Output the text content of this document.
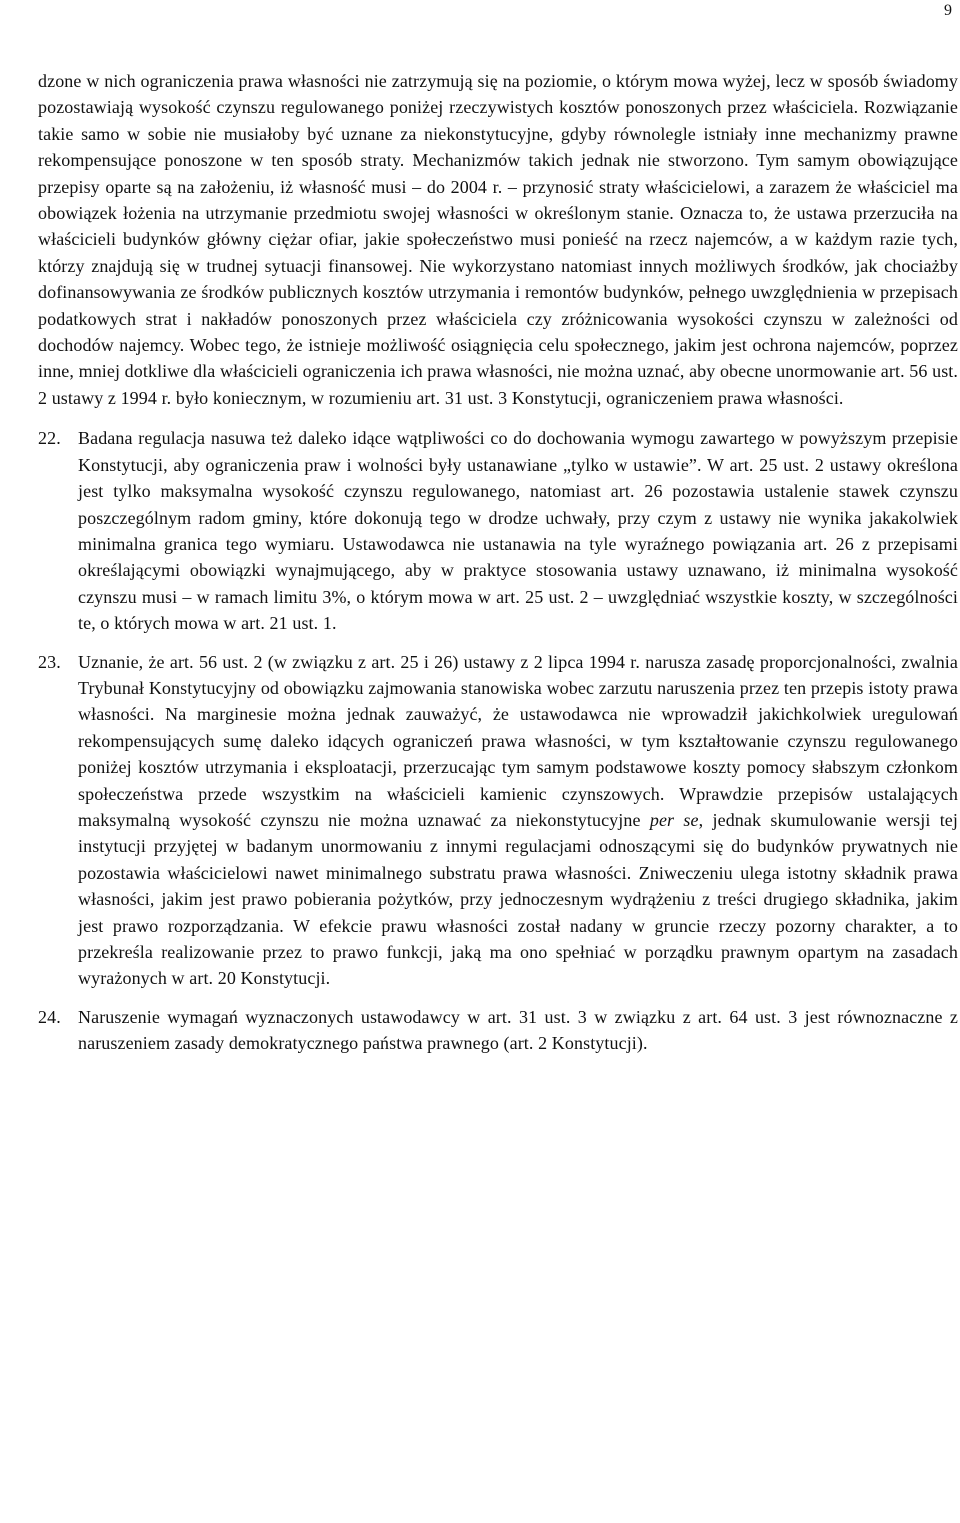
9

dzone w nich ograniczenia prawa własności nie zatrzymują się na poziomie, o którym mowa wyżej, lecz w sposób świadomy pozostawiają wysokość czynszu regulowanego poniżej rzeczywistych kosztów ponoszonych przez właściciela. Rozwiązanie takie samo w sobie nie musiałoby być uznane za niekonstytucyjne, gdyby równolegle istniały inne mechanizmy prawne rekompensujące ponoszone w ten sposób straty. Mechanizmów takich jednak nie stworzono. Tym samym obowiązujące przepisy oparte są na założeniu, iż własność musi – do 2004 r. – przynosić straty właścicielowi, a zarazem że właściciel ma obowiązek łożenia na utrzymanie przedmiotu swojej własności w określonym stanie. Oznacza to, że ustawa przerzuciła na właścicieli budynków główny ciężar ofiar, jakie społeczeństwo musi ponieść na rzecz najemców, a w każdym razie tych, którzy znajdują się w trudnej sytuacji finansowej. Nie wykorzystano natomiast innych możliwych środków, jak chociażby dofinansowywania ze środków publicznych kosztów utrzymania i remontów budynków, pełnego uwzględnienia w przepisach podatkowych strat i nakładów ponoszonych przez właściciela czy zróżnicowania wysokości czynszu w zależności od dochodów najemcy. Wobec tego, że istnieje możliwość osiągnięcia celu społecznego, jakim jest ochrona najemców, poprzez inne, mniej dotkliwe dla właścicieli ograniczenia ich prawa własności, nie można uznać, aby obecne unormowanie art. 56 ust. 2 ustawy z 1994 r. było koniecznym, w rozumieniu art. 31 ust. 3 Konstytucji, ograniczeniem prawa własności.

22. Badana regulacja nasuwa też daleko idące wątpliwości co do dochowania wymogu zawartego w powyższym przepisie Konstytucji, aby ograniczenia praw i wolności były ustanawiane „tylko w ustawie”. W art. 25 ust. 2 ustawy określona jest tylko maksymalna wysokość czynszu regulowanego, natomiast art. 26 pozostawia ustalenie stawek czynszu poszczególnym radom gminy, które dokonują tego w drodze uchwały, przy czym z ustawy nie wynika jakakolwiek minimalna granica tego wymiaru. Ustawodawca nie ustanawia na tyle wyraźnego powiązania art. 26 z przepisami określającymi obowiązki wynajmującego, aby w praktyce stosowania ustawy uznawano, iż minimalna wysokość czynszu musi – w ramach limitu 3%, o którym mowa w art. 25 ust. 2 – uwzględniać wszystkie koszty, w szczególności te, o których mowa w art. 21 ust. 1.
23. Uznanie, że art. 56 ust. 2 (w związku z art. 25 i 26) ustawy z 2 lipca 1994 r. narusza zasadę proporcjonalności, zwalnia Trybunał Konstytucyjny od obowiązku zajmowania stanowiska wobec zarzutu naruszenia przez ten przepis istoty prawa własności. Na marginesie można jednak zauważyć, że ustawodawca nie wprowadził jakichkolwiek uregulowań rekompensujących sumę daleko idących ograniczeń prawa własności, w tym kształtowanie czynszu regulowanego poniżej kosztów utrzymania i eksploatacji, przerzucając tym samym podstawowe koszty pomocy słabszym członkom społeczeństwa przede wszystkim na właścicieli kamienic czynszowych. Wprawdzie przepisów ustalających maksymalną wysokość czynszu nie można uznawać za niekonstytucyjne per se, jednak skumulowanie wersji tej instytucji przyjętej w badanym unormowaniu z innymi regulacjami odnoszącymi się do budynków prywatnych nie pozostawia właścicielowi nawet minimalnego substratu prawa własności. Zniweczeniu ulega istotny składnik prawa własności, jakim jest prawo pobierania pożytków, przy jednoczesnym wydrążeniu z treści drugiego składnika, jakim jest prawo rozporządzania. W efekcie prawu własności został nadany w gruncie rzeczy pozorny charakter, a to przekreśla realizowanie przez to prawo funkcji, jaką ma ono spełniać w porządku prawnym opartym na zasadach wyrażonych w art. 20 Konstytucji.
24. Naruszenie wymagań wyznaczonych ustawodawcy w art. 31 ust. 3 w związku z art. 64 ust. 3 jest równoznaczne z naruszeniem zasady demokratycznego państwa prawnego (art. 2 Konstytucji).
